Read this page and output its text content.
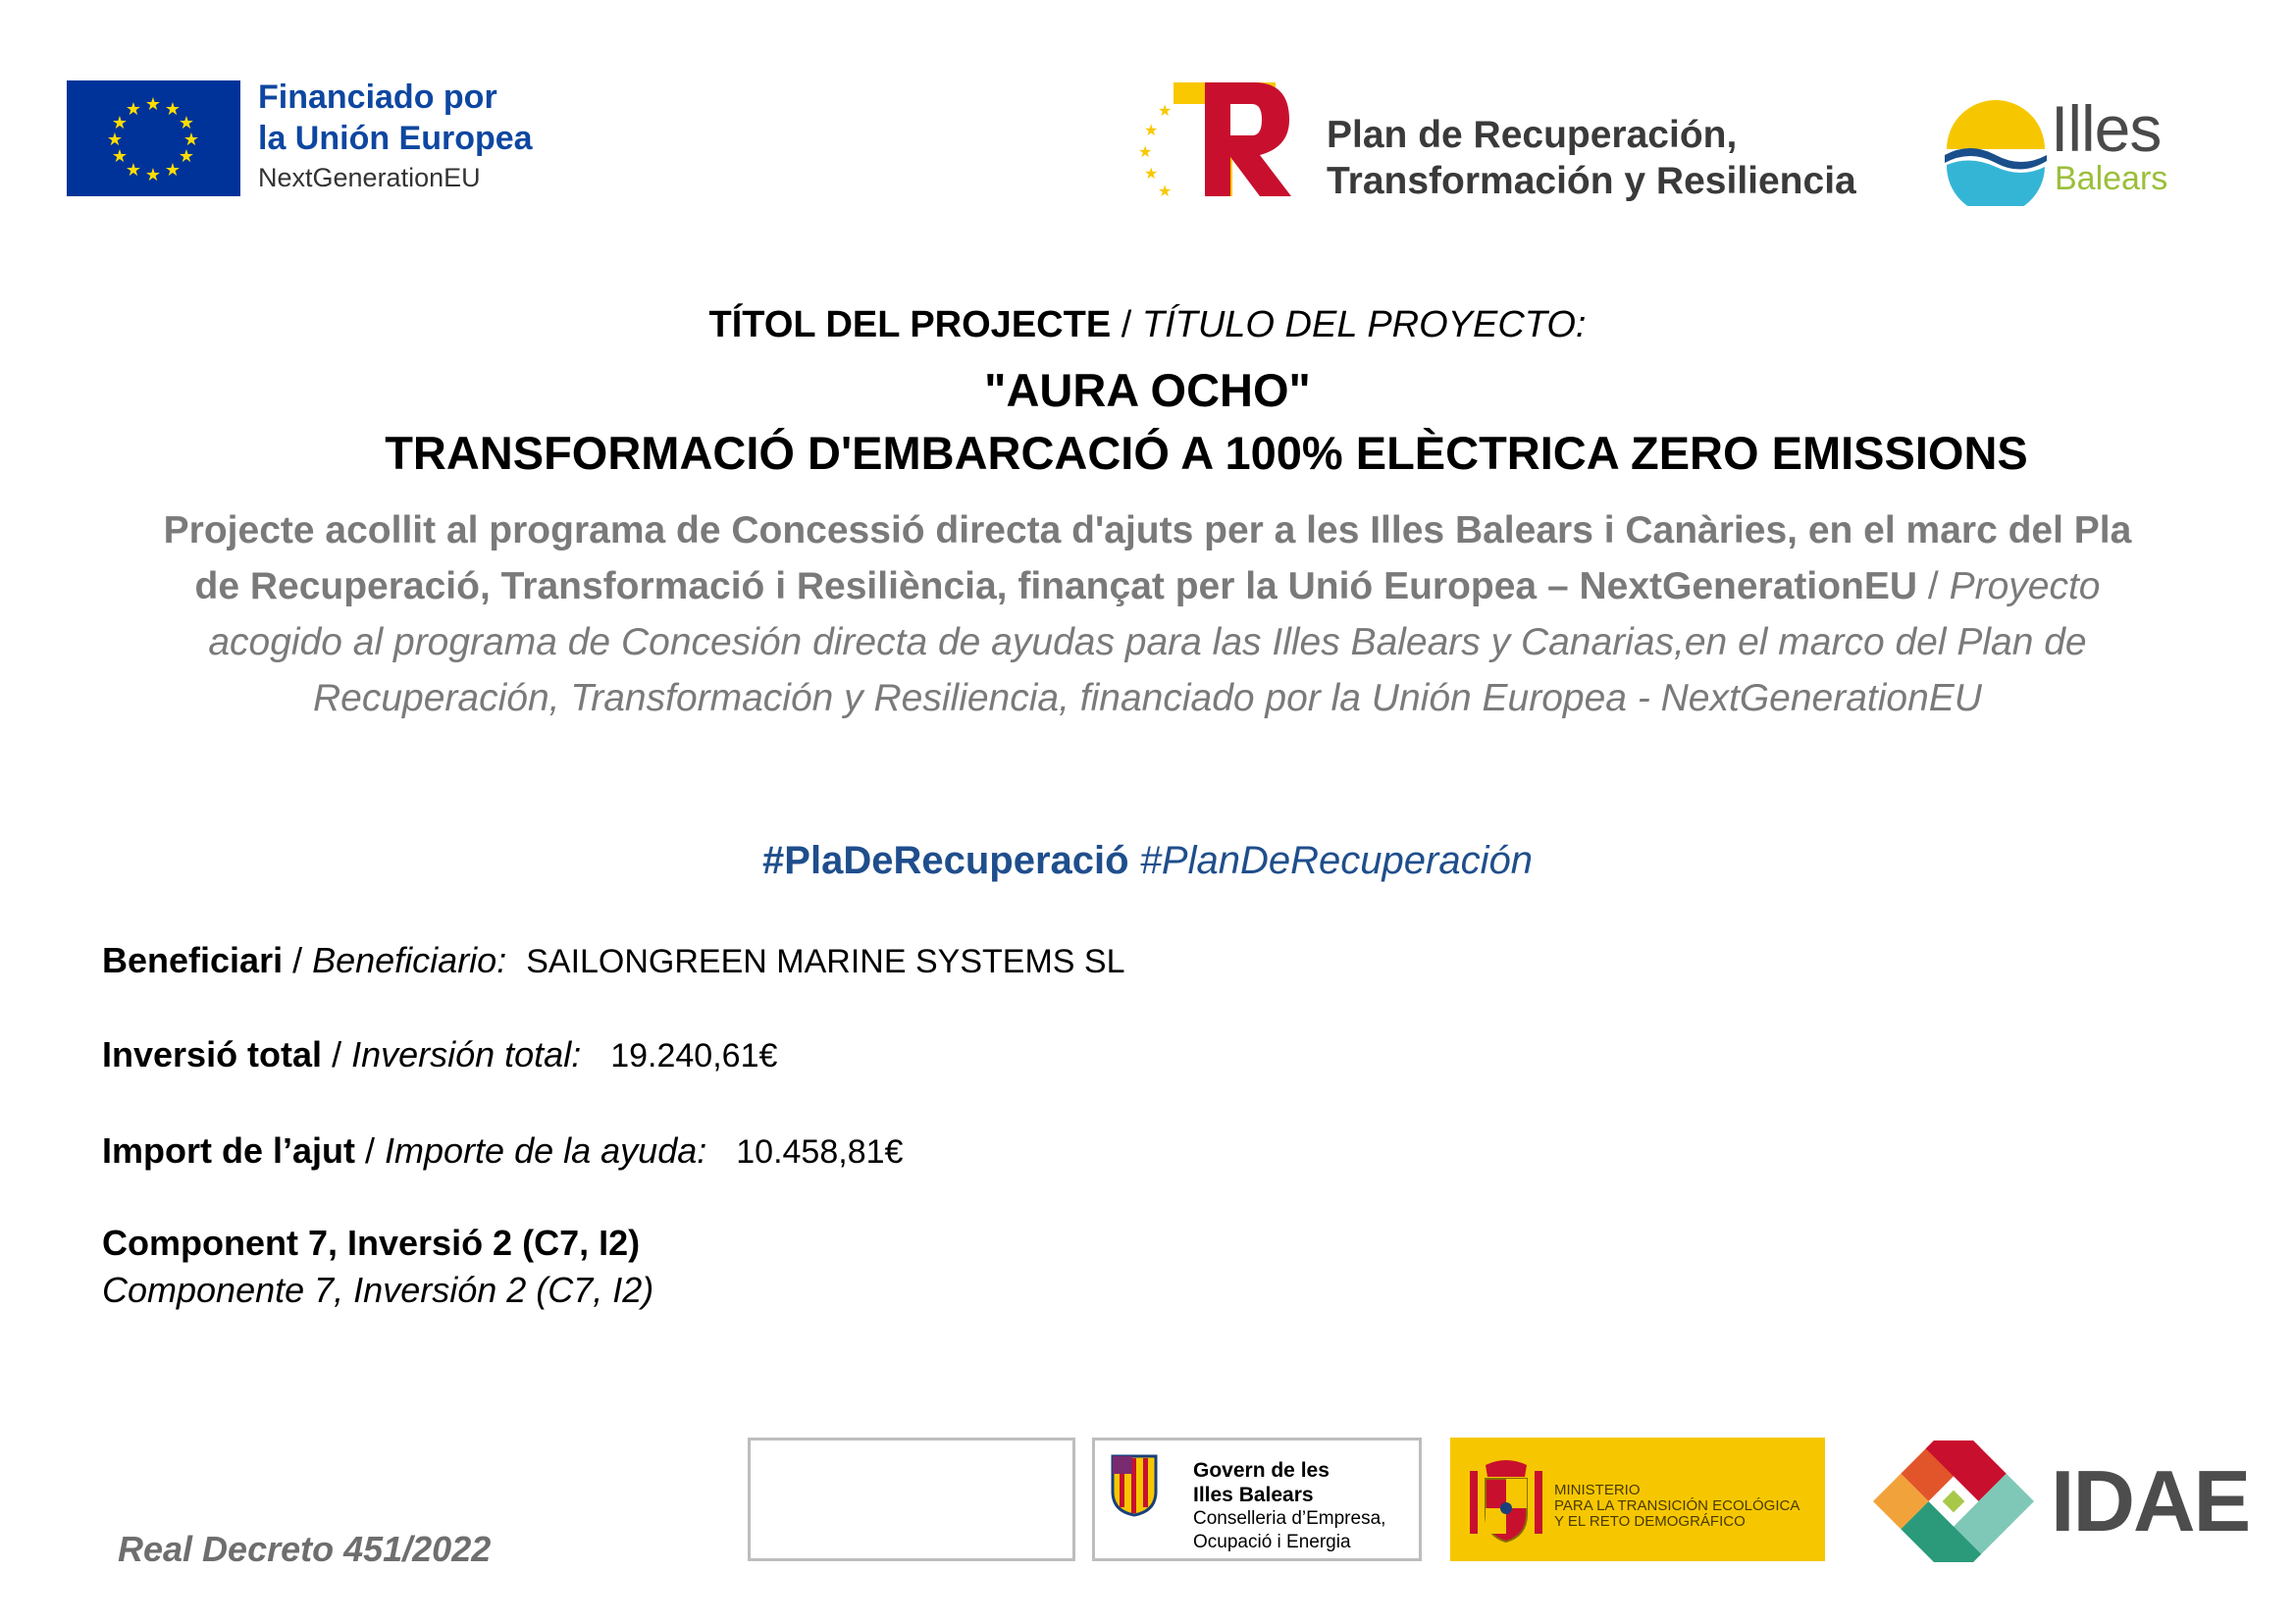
★ ★
★
★
★
★
★
★
★
★
★
★	Financiado por
la Unión Europea
NextGenerationEU
★
★
★
★
★
Plan de Recuperación,
Transformación y Resiliencia
Illes
Balears
TÍTOL DEL PROJECTE / TÍTULO DEL PROYECTO:
"AURA OCHO"
TRANSFORMACIÓ D'EMBARCACIÓ A 100% ELÈCTRICA ZERO EMISSIONS
Projecte acollit al programa de Concessió directa d'ajuts per a les Illes Balears i Canàries, en el marc del Pla de Recuperació, Transformació i Resiliència, finançat per la Unió Europea – NextGenerationEU / Proyecto acogido al programa de Concesión directa de ayudas para las Illes Balears y Canarias,en el marco del Plan de Recuperación, Transformación y Resiliencia, financiado por la Unión Europea - NextGenerationEU
#PlaDeRecuperació #PlanDeRecuperación
Beneficiari / Beneficiario: SAILONGREEN MARINE SYSTEMS SL
Inversió total / Inversión total: 19.240,61€
Import de l’ajut / Importe de la ayuda: 10.458,81€
Component 7, Inversió 2 (C7, I2)
Componente 7, Inversión 2 (C7, I2)
Real Decreto 451/2022
Govern de les
Illes Balears
Conselleria d’Empresa,
Ocupació i Energia
MINISTERIO
PARA LA TRANSICIÓN ECOLÓGICA
Y EL RETO DEMOGRÁFICO	IDAE
